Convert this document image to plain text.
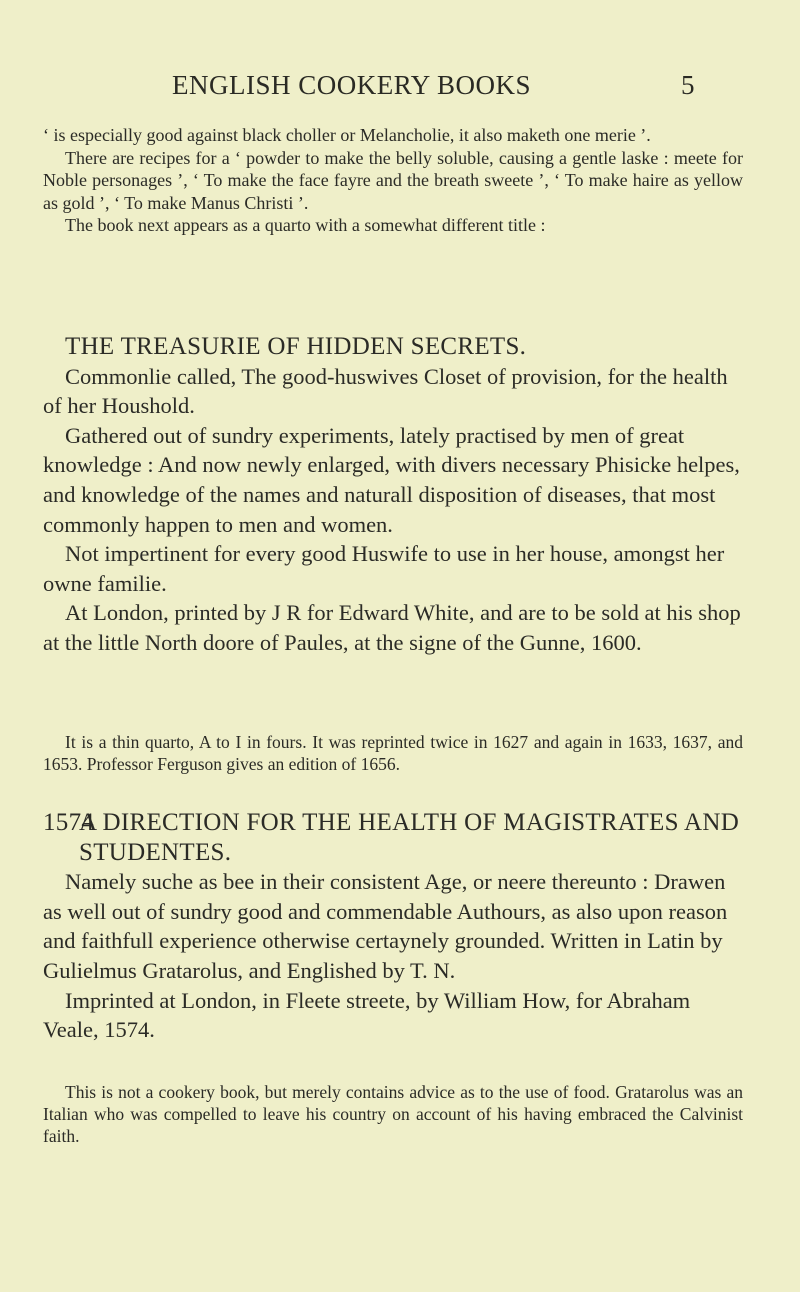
ENGLISH COOKERY BOOKS	5

‘ is especially good against black choller or Melancholie, it also maketh one merie ’.

There are recipes for a ‘ powder to make the belly soluble, causing a gentle laske : meete for Noble personages ’, ‘ To make the face fayre and the breath sweete ’, ‘ To make haire as yellow as gold ’, ‘ To make Manus Christi ’.

The book next appears as a quarto with a somewhat different title :

THE TREASURIE OF HIDDEN SECRETS.

Commonlie called, The good-huswives Closet of provision, for the health of her Houshold.

Gathered out of sundry experiments, lately practised by men of great knowledge : And now newly enlarged, with divers necessary Phisicke helpes, and knowledge of the names and naturall disposition of diseases, that most commonly happen to men and women.

Not impertinent for every good Huswife to use in her house, amongst her owne familie.

At London, printed by J R for Edward White, and are to be sold at his shop at the little North doore of Paules, at the signe of the Gunne, 1600.

It is a thin quarto, A to I in fours. It was reprinted twice in 1627 and again in 1633, 1637, and 1653. Professor Ferguson gives an edition of 1656.

1574A DIRECTION FOR THE HEALTH OF MAGISTRATES AND STUDENTES.

Namely suche as bee in their consistent Age, or neere thereunto : Drawen as well out of sundry good and commendable Authours, as also upon reason and faithfull experience otherwise certaynely grounded. Written in Latin by Gulielmus Gratarolus, and Englished by T. N.

Imprinted at London, in Fleete streete, by William How, for Abraham Veale, 1574.

This is not a cookery book, but merely contains advice as to the use of food. Gratarolus was an Italian who was compelled to leave his country on account of his having embraced the Calvinist faith.
